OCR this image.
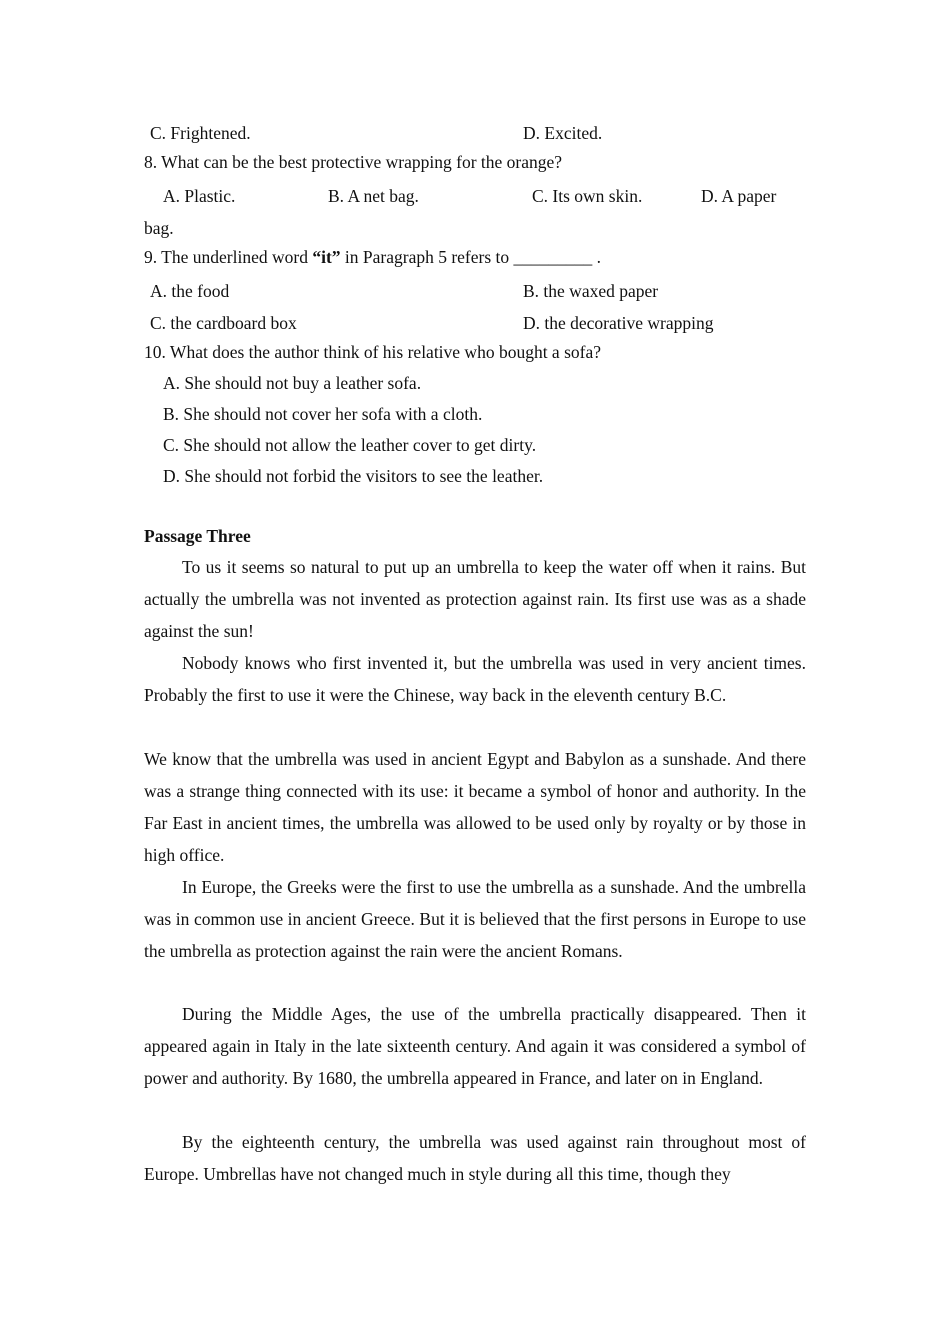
C. Frightened.	D. Excited.
8. What can be the best protective wrapping for the orange?
A. Plastic.	B. A net bag.	C. Its own skin.	D. A paper
bag.
9. The underlined word “it” in Paragraph 5 refers to _________ .
A. the food	B. the waxed paper
C. the cardboard box	D. the decorative wrapping
10. What does the author think of his relative who bought a sofa?
A. She should not buy a leather sofa.
B. She should not cover her sofa with a cloth.
C. She should not allow the leather cover to get dirty.
D. She should not forbid the visitors to see the leather.
Passage Three

To us it seems so natural to put up an umbrella to keep the water off when it rains. But actually the umbrella was not invented as protection against rain. Its first use was as a shade against the sun!

Nobody knows who first invented it, but the umbrella was used in very ancient times. Probably the first to use it were the Chinese, way back in the eleventh century B.C.

We know that the umbrella was used in ancient Egypt and Babylon as a sunshade. And there was a strange thing connected with its use: it became a symbol of honor and authority. In the Far East in ancient times, the umbrella was allowed to be used only by royalty or by those in high office.

In Europe, the Greeks were the first to use the umbrella as a sunshade. And the umbrella was in common use in ancient Greece. But it is believed that the first persons in Europe to use the umbrella as protection against the rain were the ancient Romans.

During the Middle Ages, the use of the umbrella practically disappeared. Then it appeared again in Italy in the late sixteenth century. And again it was considered a symbol of power and authority. By 1680, the umbrella appeared in France, and later on in England.

By the eighteenth century, the umbrella was used against rain throughout most of Europe. Umbrellas have not changed much in style during all this time, though they
